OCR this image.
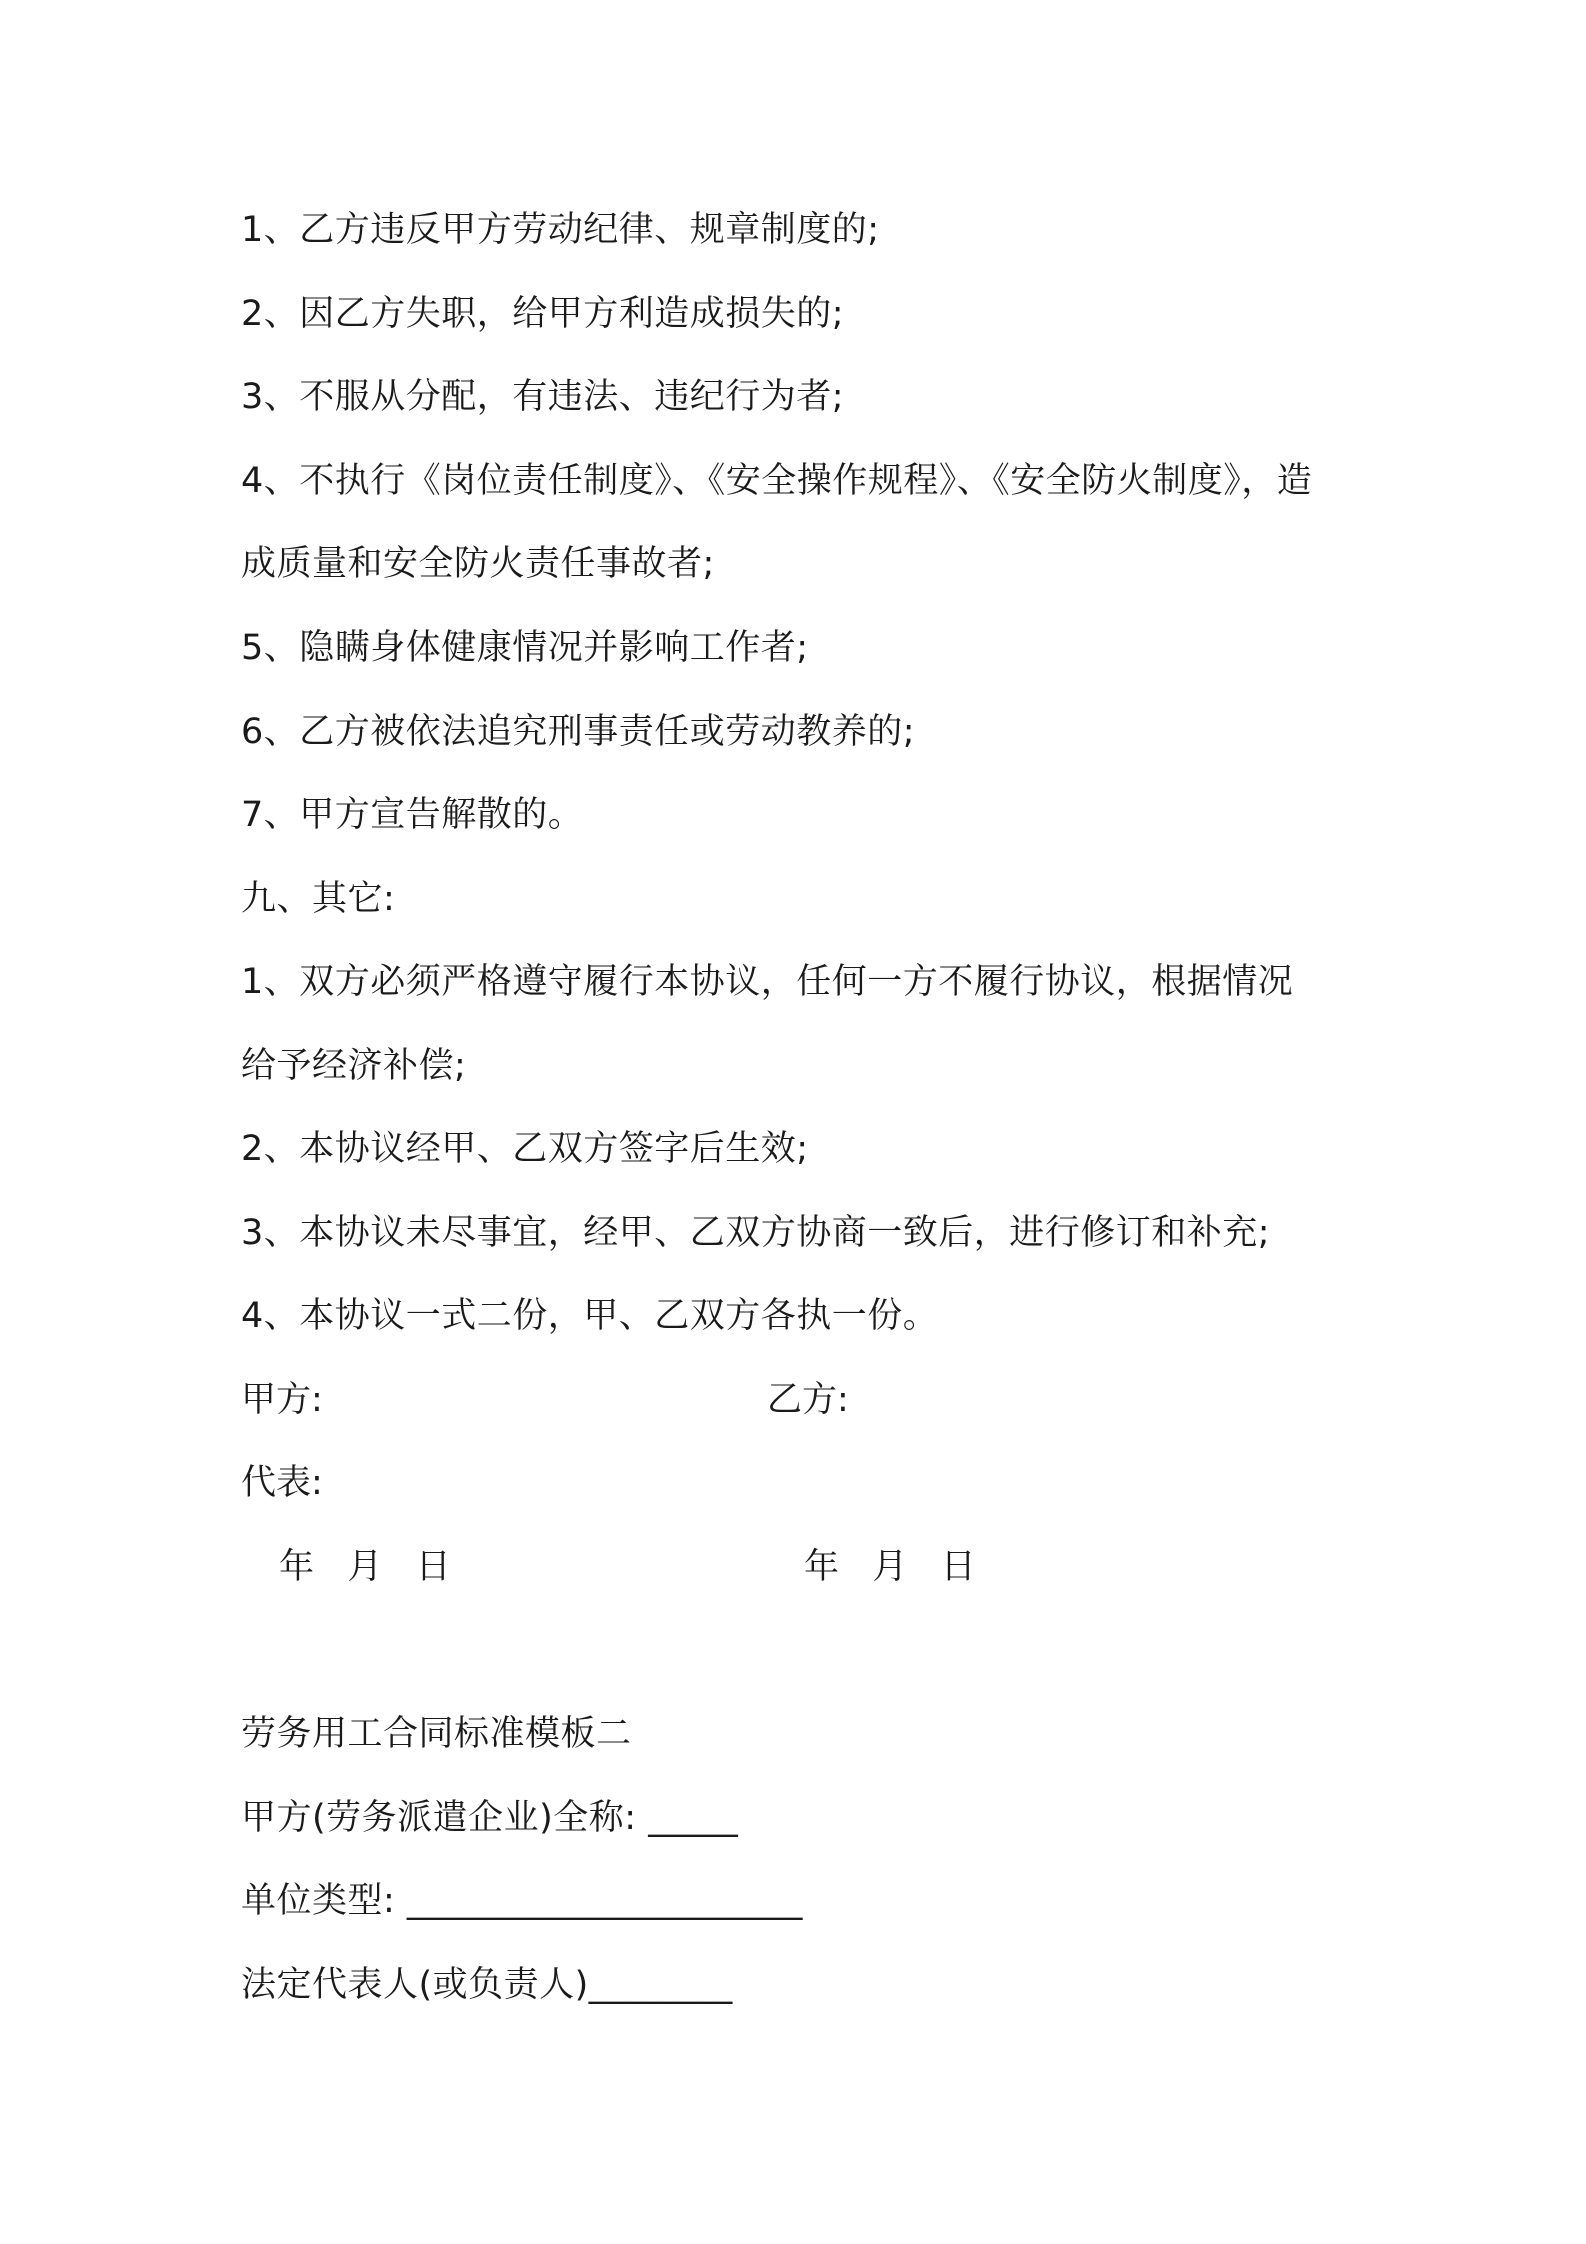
1、乙方违反甲方劳动纪律、规章制度的;
2、因乙方失职，给甲方利造成损失的;
3、不服从分配，有违法、违纪行为者;
4、不执行《岗位责任制度》、《安全操作规程》、《安全防火制度》，造
成质量和安全防火责任事故者;
5、隐瞒身体健康情况并影响工作者;
6、乙方被依法追究刑事责任或劳动教养的;
7、甲方宣告解散的。
九、其它:
1、双方必须严格遵守履行本协议，任何一方不履行协议，根据情况
给予经济补偿;
2、本协议经甲、乙双方签字后生效;
3、本协议未尽事宜，经甲、乙双方协商一致后，进行修订和补充;
4、本协议一式二份，甲、乙双方各执一份。
甲方:	乙方:
代表:
年   月   日	年   月   日
劳务用工合同标准模板二
甲方(劳务派遣企业)全称: _____
单位类型: ______________________
法定代表人(或负责人)________
